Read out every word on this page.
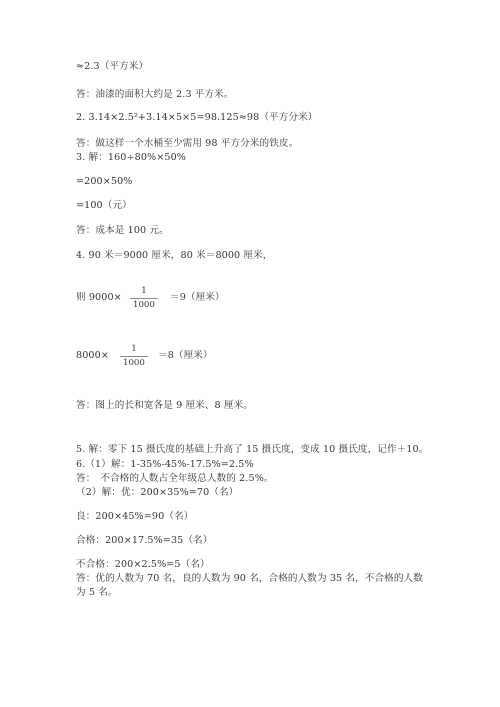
≈2.3（平方米）
答：油漆的面积大约是 2.3 平方米。
2. 3.14×2.5²+3.14×5×5=98.125≈98（平方分米）
答：做这样一个水桶至少需用 98 平方分米的铁皮。
3. 解：160÷80%×50%
=200×50%
=100（元）
答：成本是 100 元。
4. 90 米＝9000 厘米，80 米＝8000 厘米，
则 9000×
1
1000
＝9（厘米）
8000×
1
1000
＝8（厘米）
答：图上的长和宽各是 9 厘米、8 厘米。
5. 解：零下 15 摄氏度的基础上升高了 15 摄氏度，变成 10 摄氏度，记作＋10。
6.（1）解：1-35%-45%-17.5%=2.5%
答：　不合格的人数占全年级总人数的 2.5%。
（2）解：优：200×35%=70（名）
良：200×45%=90（名）
合格：200×17.5%=35（名）
不合格：200×2.5%=5（名）
答：优的人数为 70 名，良的人数为 90 名，合格的人数为 35 名，不合格的人数
为 5 名。
